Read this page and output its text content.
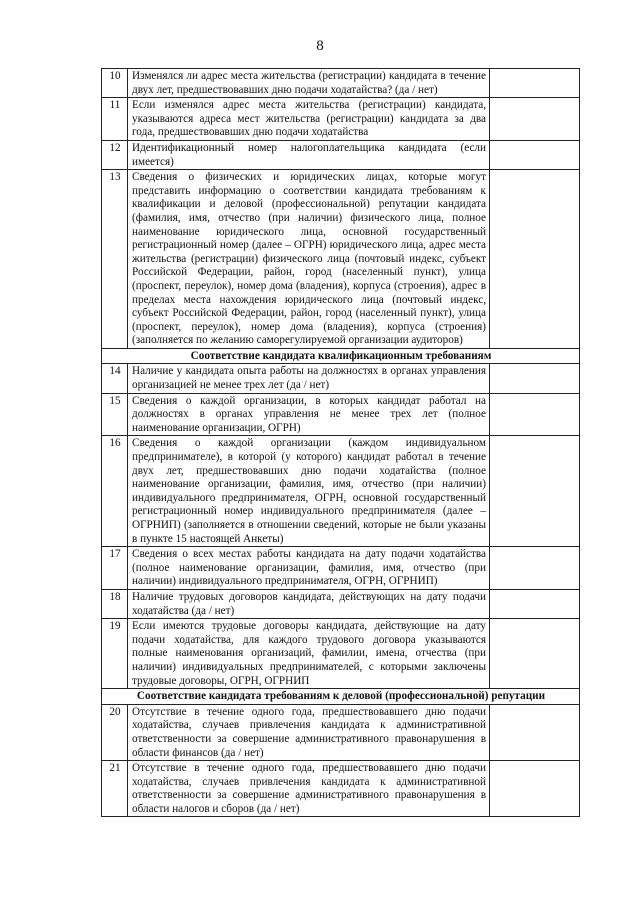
8
10	Изменялся ли адрес места жительства (регистрации) кандидата в течение двух лет, предшествовавших дню подачи ходатайства? (да / нет)	
11	Если изменялся адрес места жительства (регистрации) кандидата, указываются адреса мест жительства (регистрации) кандидата за два года, предшествовавших дню подачи ходатайства	
12	Идентификационный номер налогоплательщика кандидата (если имеется)	
13	Сведения о физических и юридических лицах, которые могут представить информацию о соответствии кандидата требованиям к квалификации и деловой (профессиональной) репутации кандидата (фамилия, имя, отчество (при наличии) физического лица, полное наименование юридического лица, основной государственный регистрационный номер (далее – ОГРН) юридического лица, адрес места жительства (регистрации) физического лица (почтовый индекс, субъект Российской Федерации, район, город (населенный пункт), улица (проспект, переулок), номер дома (владения), корпуса (строения), адрес в пределах места нахождения юридического лица (почтовый индекс, субъект Российской Федерации, район, город (населенный пункт), улица (проспект, переулок), номер дома (владения), корпуса (строения) (заполняется по желанию саморегулируемой организации аудиторов)	
Соответствие кандидата квалификационным требованиям		
14	Наличие у кандидата опыта работы на должностях в органах управления организацией не менее трех лет (да / нет)	
15	Сведения о каждой организации, в которых кандидат работал на должностях в органах управления не менее трех лет (полное наименование организации, ОГРН)	
16	Сведения о каждой организации (каждом индивидуальном предпринимателе), в которой (у которого) кандидат работал в течение двух лет, предшествовавших дню подачи ходатайства (полное наименование организации, фамилия, имя, отчество (при наличии) индивидуального предпринимателя, ОГРН, основной государственный регистрационный номер индивидуального предпринимателя (далее – ОГРНИП) (заполняется в отношении сведений, которые не были указаны в пункте 15 настоящей Анкеты)	
17	Сведения о всех местах работы кандидата на дату подачи ходатайства (полное наименование организации, фамилия, имя, отчество (при наличии) индивидуального предпринимателя, ОГРН, ОГРНИП)	
18	Наличие трудовых договоров кандидата, действующих на дату подачи ходатайства (да / нет)	
19	Если имеются трудовые договоры кандидата, действующие на дату подачи ходатайства, для каждого трудового договора указываются полные наименования организаций, фамилии, имена, отчества (при наличии) индивидуальных предпринимателей, с которыми заключены трудовые договоры, ОГРН, ОГРНИП	
Соответствие кандидата требованиям к деловой (профессиональной) репутации		
20	Отсутствие в течение одного года, предшествовавшего дню подачи ходатайства, случаев привлечения кандидата к административной ответственности за совершение административного правонарушения в области финансов (да / нет)	
21	Отсутствие в течение одного года, предшествовавшего дню подачи ходатайства, случаев привлечения кандидата к административной ответственности за совершение административного правонарушения в области налогов и сборов (да / нет)	
